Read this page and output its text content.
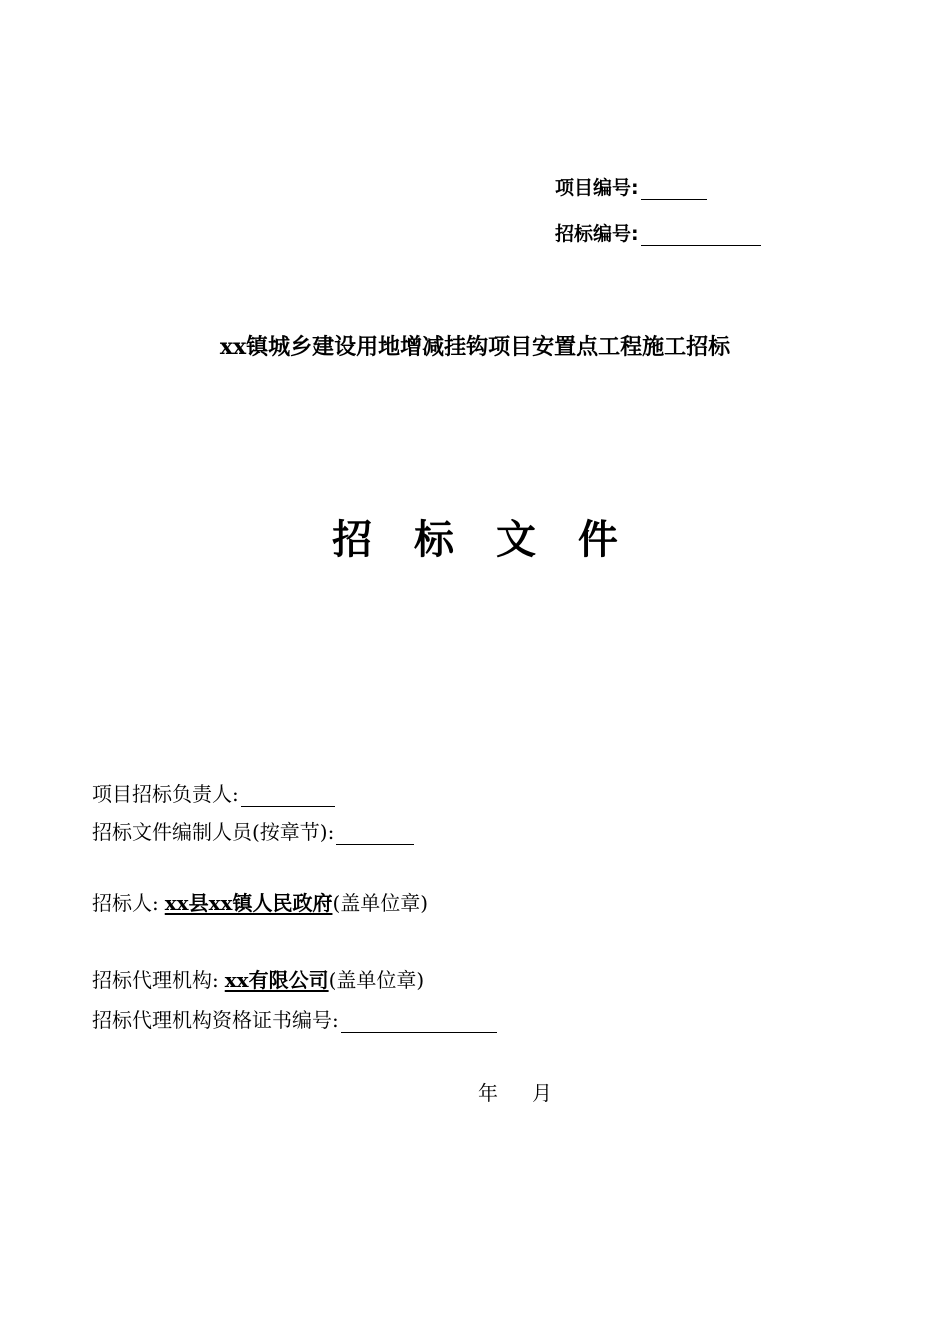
项目编号:
招标编号:
xx镇城乡建设用地增减挂钩项目安置点工程施工招标
招 标 文 件
项目招标负责人:
招标文件编制人员(按章节):
招标人: xx县xx镇人民政府 (盖单位章)
招标代理机构: xx有限公司 (盖单位章)
招标代理机构资格证书编号:
年 月
